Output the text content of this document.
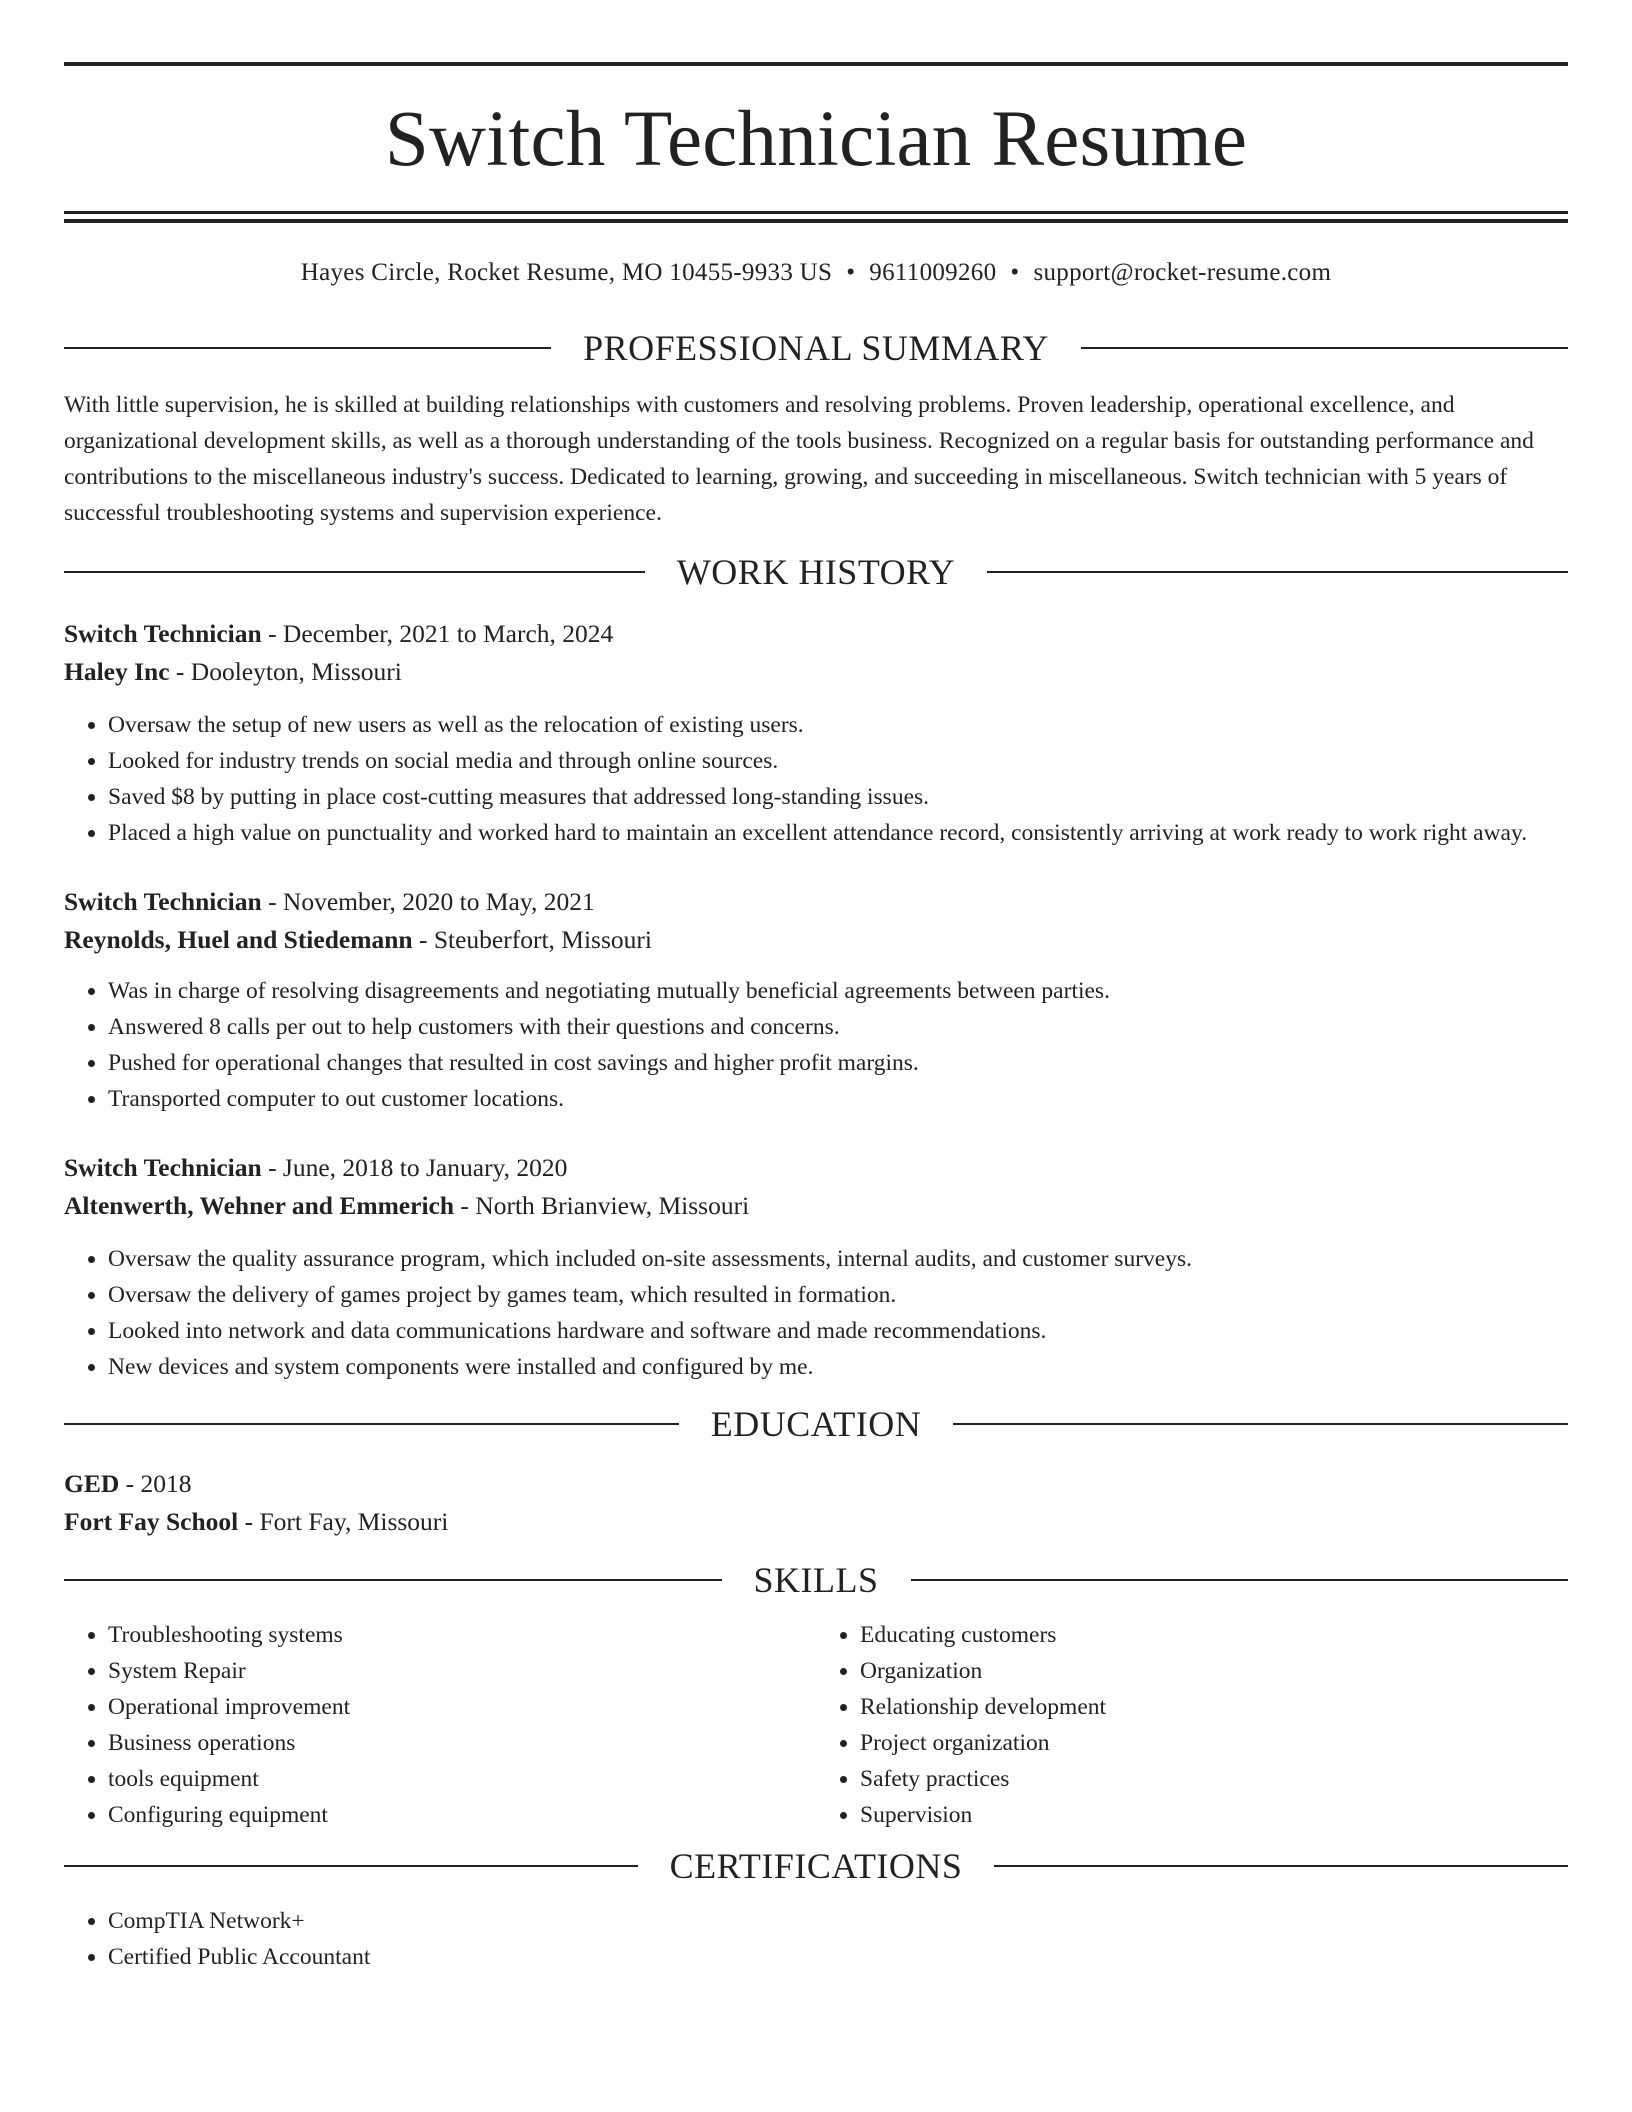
Switch Technician Resume
Hayes Circle, Rocket Resume, MO 10455-9933 US • 9611009260 • support@rocket-resume.com
PROFESSIONAL SUMMARY

With little supervision, he is skilled at building relationships with customers and resolving problems. Proven leadership, operational excellence, and organizational development skills, as well as a thorough understanding of the tools business. Recognized on a regular basis for outstanding performance and contributions to the miscellaneous industry's success. Dedicated to learning, growing, and succeeding in miscellaneous. Switch technician with 5 years of successful troubleshooting systems and supervision experience.

WORK HISTORY
Switch Technician - December, 2021 to March, 2024
Haley Inc - Dooleyton, Missouri
• Oversaw the setup of new users as well as the relocation of existing users.
• Looked for industry trends on social media and through online sources.
• Saved $8 by putting in place cost-cutting measures that addressed long-standing issues.
• Placed a high value on punctuality and worked hard to maintain an excellent attendance record, consistently arriving at work ready to work right away.
Switch Technician - November, 2020 to May, 2021
Reynolds, Huel and Stiedemann - Steuberfort, Missouri
• Was in charge of resolving disagreements and negotiating mutually beneficial agreements between parties.
• Answered 8 calls per out to help customers with their questions and concerns.
• Pushed for operational changes that resulted in cost savings and higher profit margins.
• Transported computer to out customer locations.
Switch Technician - June, 2018 to January, 2020
Altenwerth, Wehner and Emmerich - North Brianview, Missouri
• Oversaw the quality assurance program, which included on-site assessments, internal audits, and customer surveys.
• Oversaw the delivery of games project by games team, which resulted in formation.
• Looked into network and data communications hardware and software and made recommendations.
• New devices and system components were installed and configured by me.
EDUCATION
GED - 2018
Fort Fay School - Fort Fay, Missouri
SKILLS
• Troubleshooting systems
• System Repair
• Operational improvement
• Business operations
• tools equipment
• Configuring equipment
• Educating customers
• Organization
• Relationship development
• Project organization
• Safety practices
• Supervision
CERTIFICATIONS
• CompTIA Network+
• Certified Public Accountant
